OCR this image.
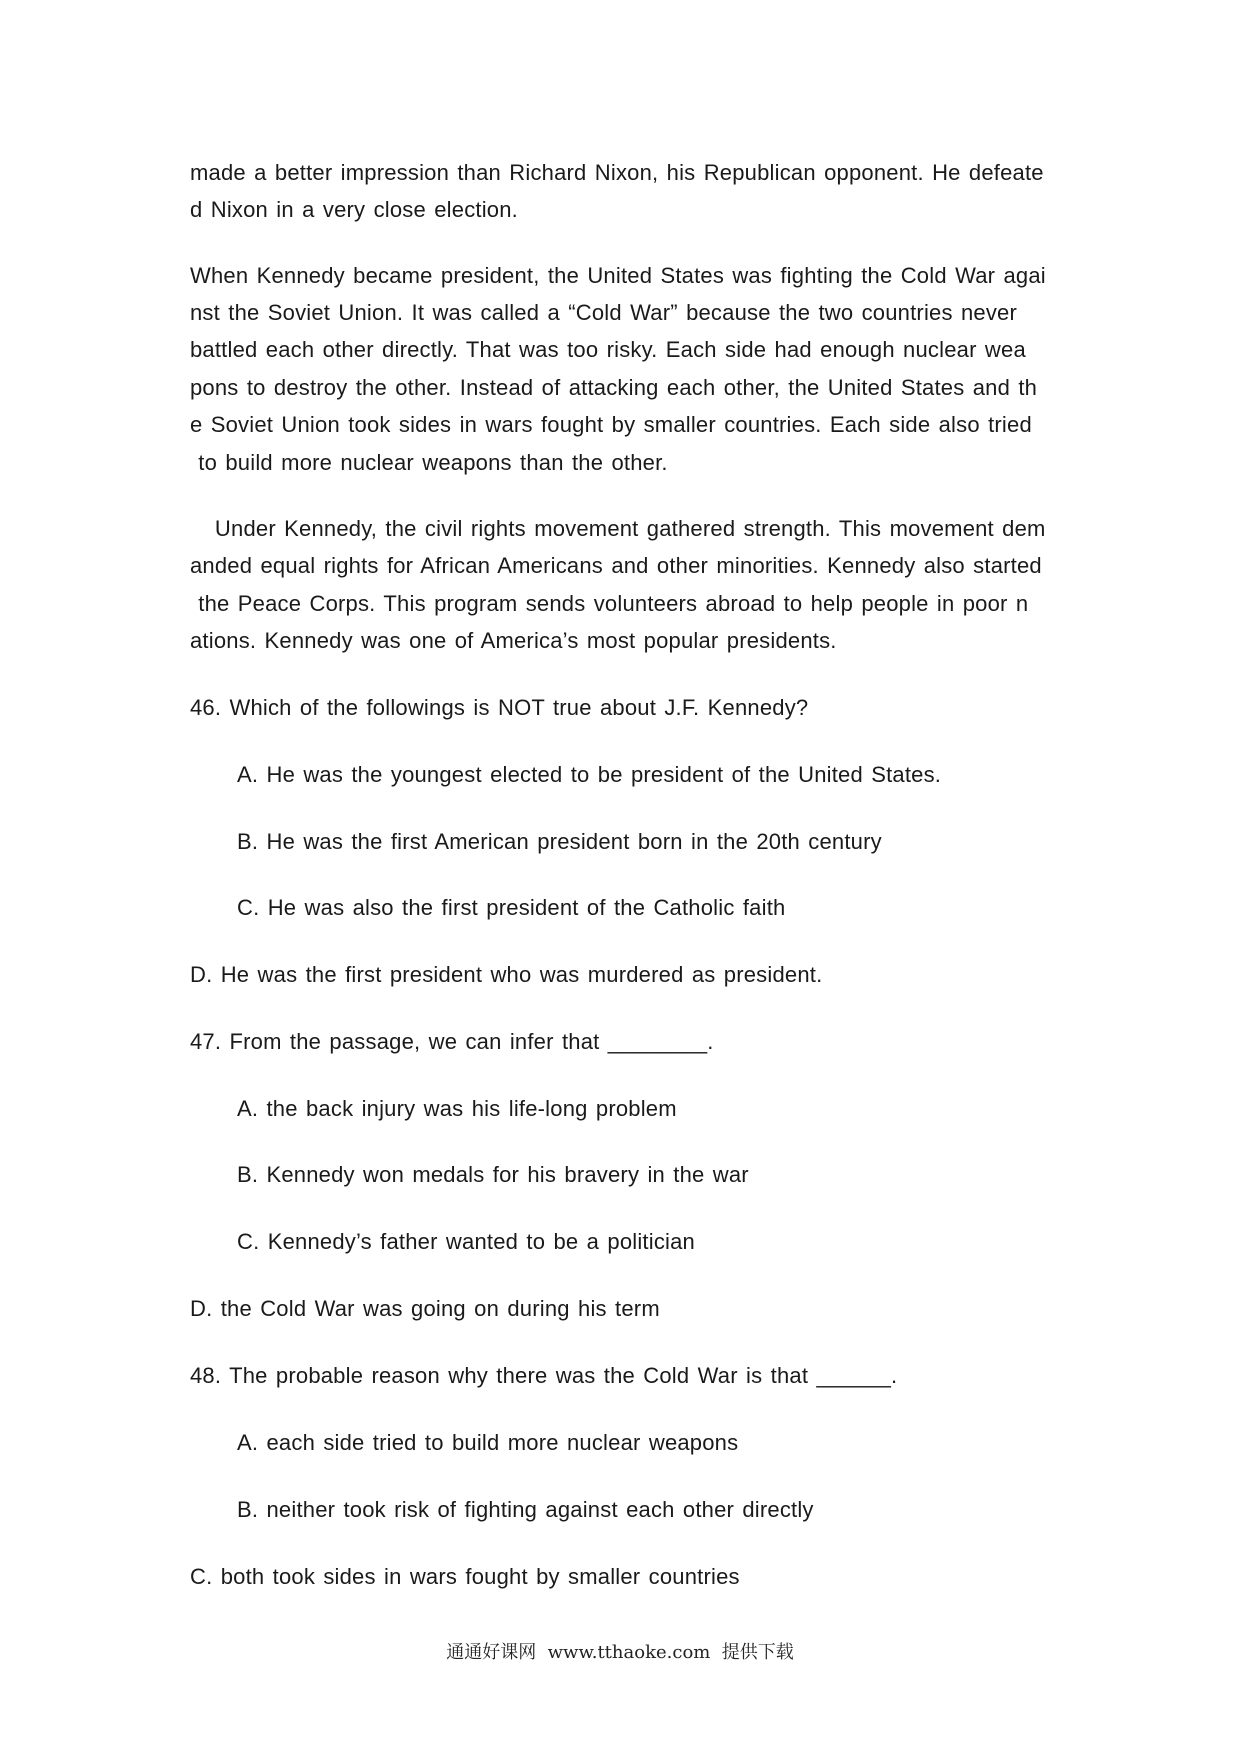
made a better impression than Richard Nixon, his Republican opponent. He defeate
d Nixon in a very close election.
When Kennedy became president, the United States was fighting the Cold War agai
nst the Soviet Union. It was called a “Cold War” because the two countries never
battled each other directly. That was too risky. Each side had enough nuclear wea
pons to destroy the other. Instead of attacking each other, the United States and th
e Soviet Union took sides in wars fought by smaller countries. Each side also tried
to build more nuclear weapons than the other.
Under Kennedy, the civil rights movement gathered strength. This movement dem
anded equal rights for African Americans and other minorities. Kennedy also started
the Peace Corps. This program sends volunteers abroad to help people in poor n
ations. Kennedy was one of America’s most popular presidents.
46. Which of the followings is NOT true about J.F. Kennedy?
A. He was the youngest elected to be president of the United States.
B. He was the first American president born in the 20th century
C. He was also the first president of the Catholic faith
D. He was the first president who was murdered as president.
47. From the passage, we can infer that ________.
A. the back injury was his life-long problem
B. Kennedy won medals for his bravery in the war
C. Kennedy’s father wanted to be a politician
D. the Cold War was going on during his term
48. The probable reason why there was the Cold War is that ______.
A. each side tried to build more nuclear weapons
B. neither took risk of fighting against each other directly
C. both took sides in wars fought by smaller countries
通通好课网  www.tthaoke.com  提供下载
